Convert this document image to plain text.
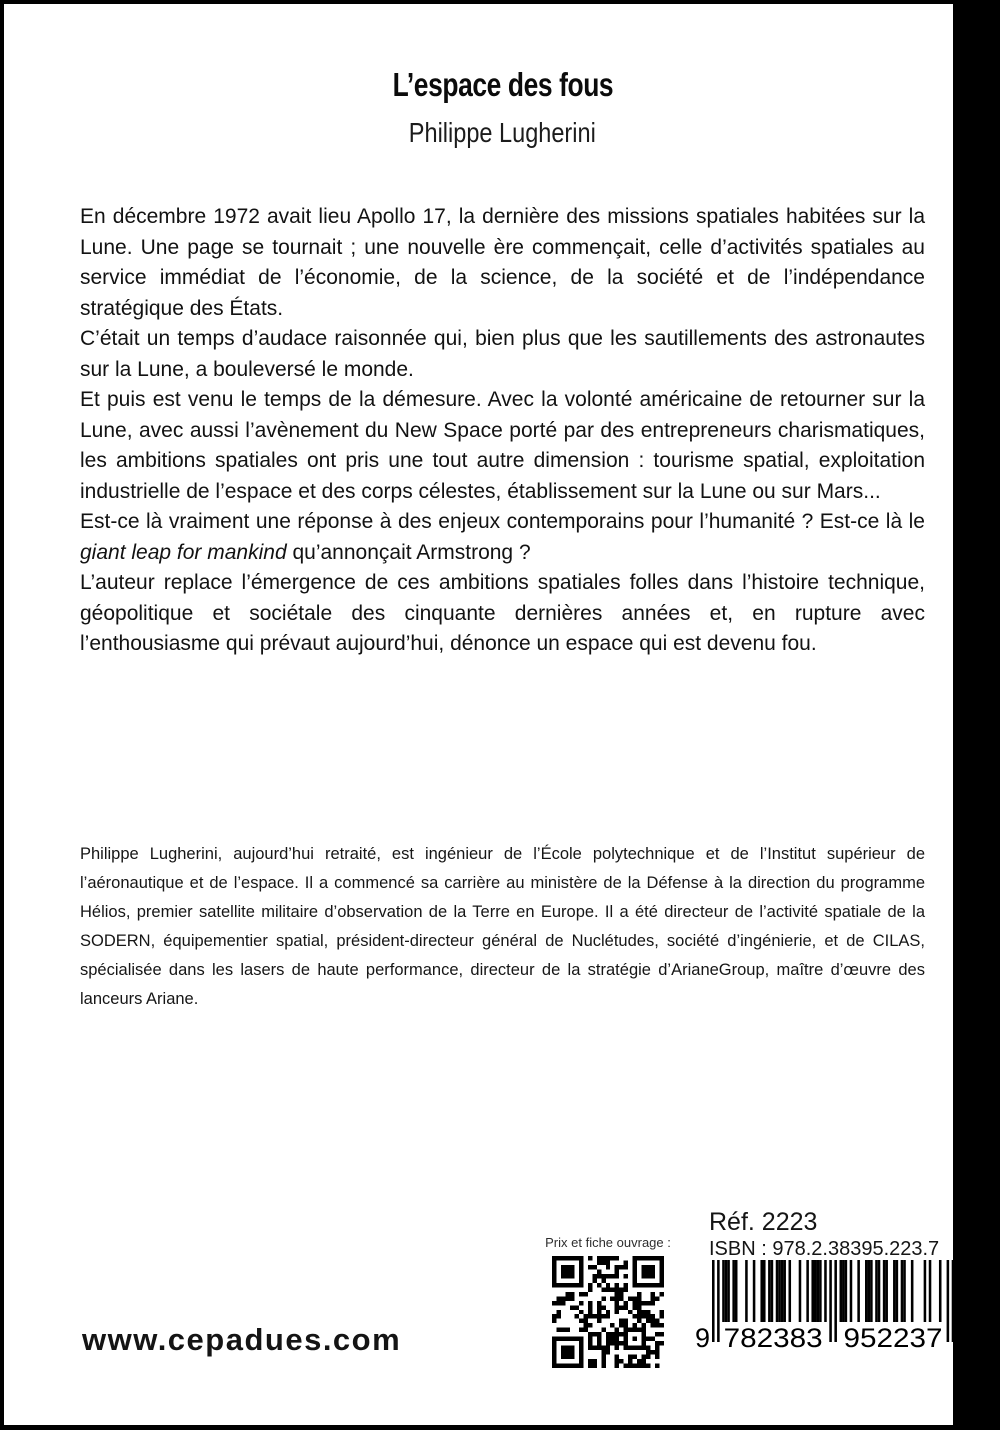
L’espace des fous
Philippe Lugherini

En décembre 1972 avait lieu Apollo 17, la dernière des missions spatiales habitées sur la Lune. Une page se tournait ; une nouvelle ère commençait, celle d’activités spatiales au service immédiat de l’économie, de la science, de la société et de l’indépendance stratégique des États.

C’était un temps d’audace raisonnée qui, bien plus que les sautillements des astronautes sur la Lune, a bouleversé le monde.

Et puis est venu le temps de la démesure. Avec la volonté américaine de retourner sur la Lune, avec aussi l’avènement du New Space porté par des entrepreneurs charismatiques, les ambitions spatiales ont pris une tout autre dimension : tourisme spatial, exploitation industrielle de l’espace et des corps célestes, établissement sur la Lune ou sur Mars...

Est-ce là vraiment une réponse à des enjeux contemporains pour l’humanité ? Est-ce là le giant leap for mankind qu’annonçait Armstrong ?

L’auteur replace l’émergence de ces ambitions spatiales folles dans l’histoire technique, géopolitique et sociétale des cinquante dernières années et, en rupture avec l’enthousiasme qui prévaut aujourd’hui, dénonce un espace qui est devenu fou.

Philippe Lugherini, aujourd’hui retraité, est ingénieur de l’École polytechnique et de l’Institut supérieur de l’aéronautique et de l’espace. Il a commencé sa carrière au ministère de la Défense à la direction du programme Hélios, premier satellite militaire d’observation de la Terre en Europe. Il a été directeur de l’activité spatiale de la SODERN, équipementier spatial, président-directeur général de Nuclétudes, société d’ingénierie, et de CILAS, spécialisée dans les lasers de haute performance, directeur de la stratégie d’ArianeGroup, maître d’œuvre des lanceurs Ariane.
Réf. 2223
ISBN : 978.2.38395.223.7
Prix et fiche ouvrage :
9 782383 952237
www.cepadues.com
